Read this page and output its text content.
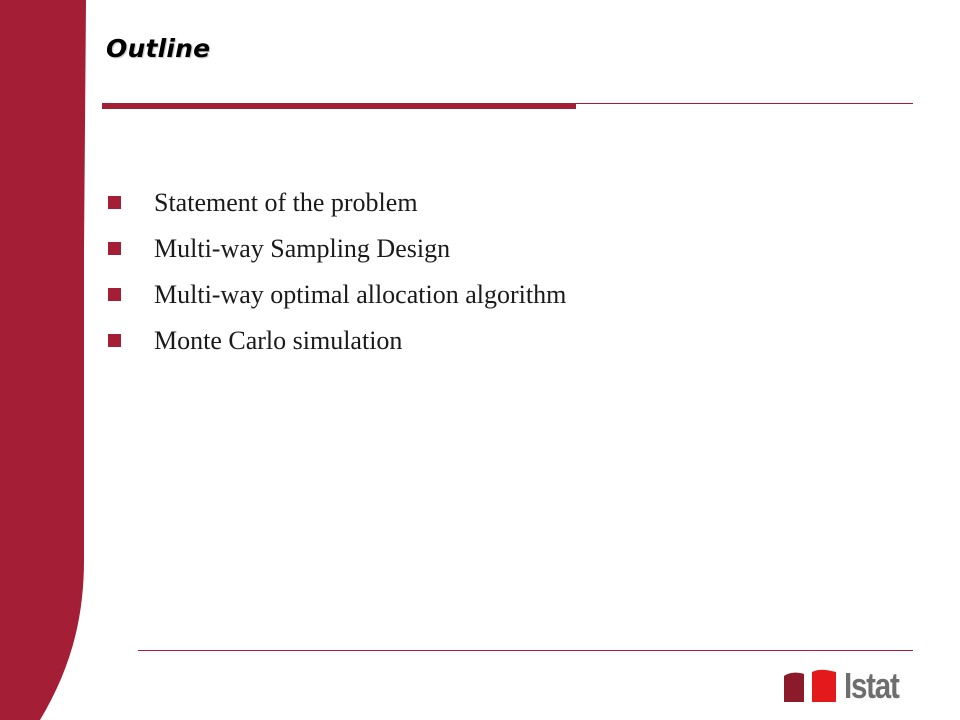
Outline
Statement of the problem
Multi-way Sampling Design
Multi-way optimal allocation algorithm
Monte Carlo simulation
Istat
